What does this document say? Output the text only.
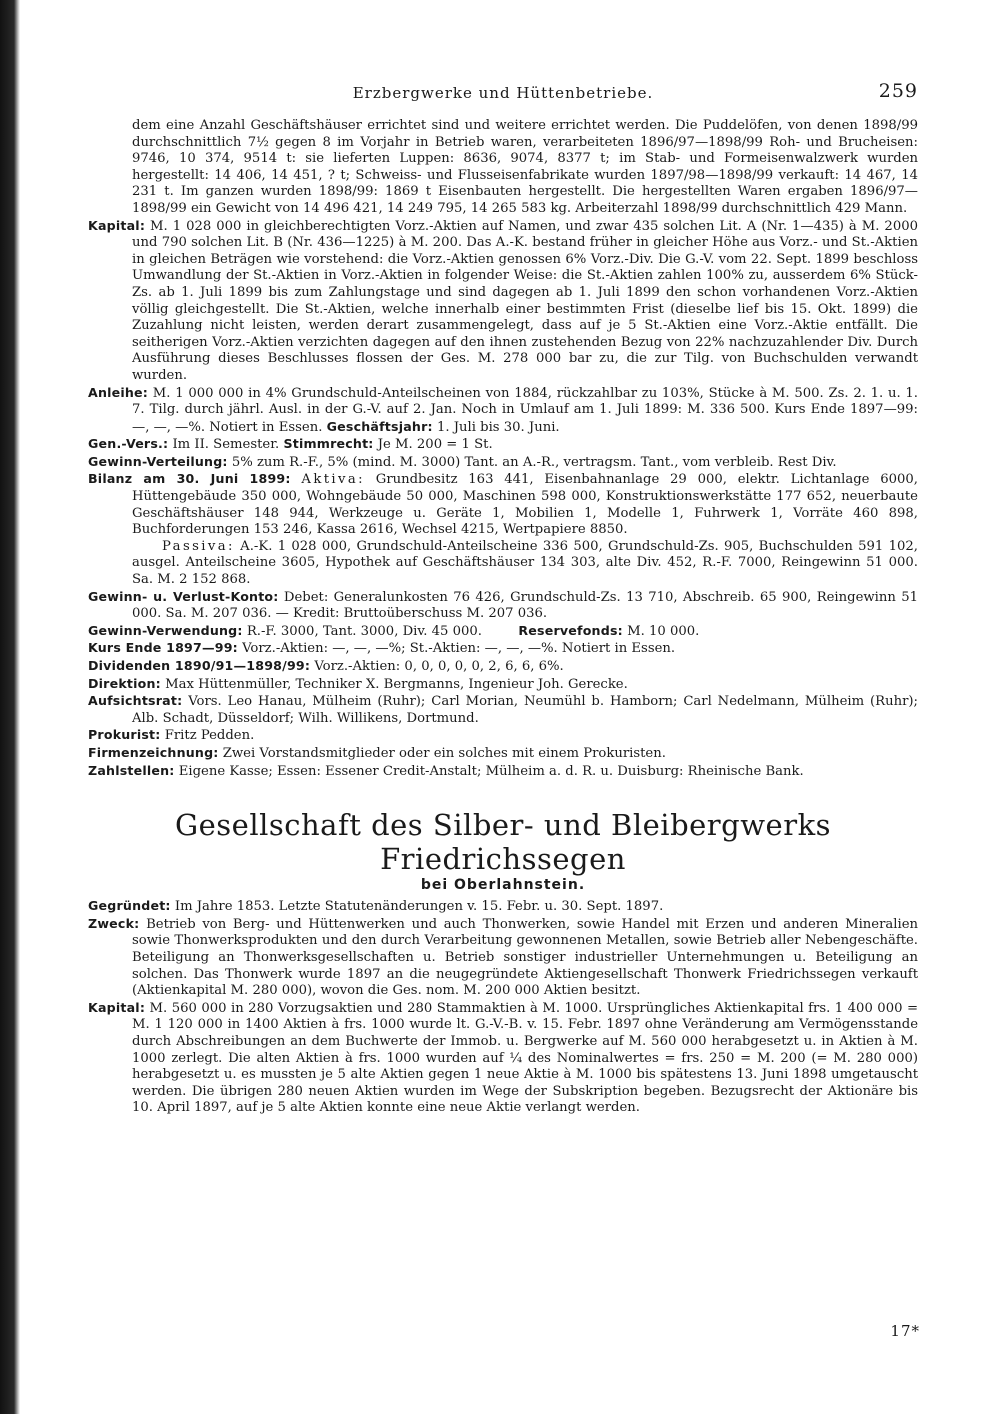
Erzbergwerke und Hüttenbetriebe.	259

dem eine Anzahl Geschäftshäuser errichtet sind und weitere errichtet werden. Die Puddelöfen, von denen 1898/99 durchschnittlich 7½ gegen 8 im Vorjahr in Betrieb waren, verarbeiteten 1896/97—1898/99 Roh- und Brucheisen: 9746, 10 374, 9514 t: sie lieferten Luppen: 8636, 9074, 8377 t; im Stab- und Formeisenwalzwerk wurden hergestellt: 14 406, 14 451, ? t; Schweiss- und Flusseisenfabrikate wurden 1897/98—1898/99 verkauft: 14 467, 14 231 t. Im ganzen wurden 1898/99: 1869 t Eisenbauten hergestellt. Die hergestellten Waren ergaben 1896/97—1898/99 ein Gewicht von 14 496 421, 14 249 795, 14 265 583 kg. Arbeiterzahl 1898/99 durchschnittlich 429 Mann.

Kapital: M. 1 028 000 in gleichberechtigten Vorz.-Aktien auf Namen, und zwar 435 solchen Lit. A (Nr. 1—435) à M. 2000 und 790 solchen Lit. B (Nr. 436—1225) à M. 200. Das A.-K. bestand früher in gleicher Höhe aus Vorz.- und St.-Aktien in gleichen Beträgen wie vorstehend: die Vorz.-Aktien genossen 6% Vorz.-Div. Die G.-V. vom 22. Sept. 1899 beschloss Umwandlung der St.-Aktien in Vorz.-Aktien in folgender Weise: die St.-Aktien zahlen 100% zu, ausserdem 6% Stück-Zs. ab 1. Juli 1899 bis zum Zahlungstage und sind dagegen ab 1. Juli 1899 den schon vorhandenen Vorz.-Aktien völlig gleichgestellt. Die St.-Aktien, welche innerhalb einer bestimmten Frist (dieselbe lief bis 15. Okt. 1899) die Zuzahlung nicht leisten, werden derart zusammengelegt, dass auf je 5 St.-Aktien eine Vorz.-Aktie entfällt. Die seitherigen Vorz.-Aktien verzichten dagegen auf den ihnen zustehenden Bezug von 22% nachzuzahlender Div. Durch Ausführung dieses Beschlusses flossen der Ges. M. 278 000 bar zu, die zur Tilg. von Buchschulden verwandt wurden.

Anleihe: M. 1 000 000 in 4% Grundschuld-Anteilscheinen von 1884, rückzahlbar zu 103%, Stücke à M. 500. Zs. 2. 1. u. 1. 7. Tilg. durch jährl. Ausl. in der G.-V. auf 2. Jan. Noch in Umlauf am 1. Juli 1899: M. 336 500. Kurs Ende 1897—99: —, —, —%. Notiert in Essen. Geschäftsjahr: 1. Juli bis 30. Juni.

Gen.-Vers.: Im II. Semester. Stimmrecht: Je M. 200 = 1 St.

Gewinn-Verteilung: 5% zum R.-F., 5% (mind. M. 3000) Tant. an A.-R., vertragsm. Tant., vom verbleib. Rest Div.

Bilanz am 30. Juni 1899: Aktiva: Grundbesitz 163 441, Eisenbahnanlage 29 000, elektr. Lichtanlage 6000, Hüttengebäude 350 000, Wohngebäude 50 000, Maschinen 598 000, Konstruktionswerkstätte 177 652, neuerbaute Geschäftshäuser 148 944, Werkzeuge u. Geräte 1, Mobilien 1, Modelle 1, Fuhrwerk 1, Vorräte 460 898, Buchforderungen 153 246, Kassa 2616, Wechsel 4215, Wertpapiere 8850.

Passiva: A.-K. 1 028 000, Grundschuld-Anteilscheine 336 500, Grundschuld-Zs. 905, Buchschulden 591 102, ausgel. Anteilscheine 3605, Hypothek auf Geschäftshäuser 134 303, alte Div. 452, R.-F. 7000, Reingewinn 51 000. Sa. M. 2 152 868.

Gewinn- u. Verlust-Konto: Debet: Generalunkosten 76 426, Grundschuld-Zs. 13 710, Abschreib. 65 900, Reingewinn 51 000. Sa. M. 207 036. — Kredit: Bruttoüberschuss M. 207 036.

Gewinn-Verwendung: R.-F. 3000, Tant. 3000, Div. 45 000.	Reservefonds: M. 10 000.

Kurs Ende 1897—99: Vorz.-Aktien: —, —, —%; St.-Aktien: —, —, —%. Notiert in Essen.

Dividenden 1890/91—1898/99: Vorz.-Aktien: 0, 0, 0, 0, 0, 2, 6, 6, 6%.

Direktion: Max Hüttenmüller, Techniker X. Bergmanns, Ingenieur Joh. Gerecke.

Aufsichtsrat: Vors. Leo Hanau, Mülheim (Ruhr); Carl Morian, Neumühl b. Hamborn; Carl Nedelmann, Mülheim (Ruhr); Alb. Schadt, Düsseldorf; Wilh. Willikens, Dortmund.

Prokurist: Fritz Pedden.

Firmenzeichnung: Zwei Vorstandsmitglieder oder ein solches mit einem Prokuristen.

Zahlstellen: Eigene Kasse; Essen: Essener Credit-Anstalt; Mülheim a. d. R. u. Duisburg: Rheinische Bank.

Gesellschaft des Silber- und Bleibergwerks Friedrichssegen
bei Oberlahnstein.

Gegründet: Im Jahre 1853. Letzte Statutenänderungen v. 15. Febr. u. 30. Sept. 1897.

Zweck: Betrieb von Berg- und Hüttenwerken und auch Thonwerken, sowie Handel mit Erzen und anderen Mineralien sowie Thonwerksprodukten und den durch Verarbeitung gewonnenen Metallen, sowie Betrieb aller Nebengeschäfte. Beteiligung an Thonwerksgesellschaften u. Betrieb sonstiger industrieller Unternehmungen u. Beteiligung an solchen. Das Thonwerk wurde 1897 an die neugegründete Aktiengesellschaft Thonwerk Friedrichssegen verkauft (Aktienkapital M. 280 000), wovon die Ges. nom. M. 200 000 Aktien besitzt.

Kapital: M. 560 000 in 280 Vorzugsaktien und 280 Stammaktien à M. 1000. Ursprüngliches Aktienkapital frs. 1 400 000 = M. 1 120 000 in 1400 Aktien à frs. 1000 wurde lt. G.-V.-B. v. 15. Febr. 1897 ohne Veränderung am Vermögensstande durch Abschreibungen an dem Buchwerte der Immob. u. Bergwerke auf M. 560 000 herabgesetzt u. in Aktien à M. 1000 zerlegt. Die alten Aktien à frs. 1000 wurden auf ¼ des Nominalwertes = frs. 250 = M. 200 (= M. 280 000) herabgesetzt u. es mussten je 5 alte Aktien gegen 1 neue Aktie à M. 1000 bis spätestens 13. Juni 1898 umgetauscht werden. Die übrigen 280 neuen Aktien wurden im Wege der Subskription begeben. Bezugsrecht der Aktionäre bis 10. April 1897, auf je 5 alte Aktien konnte eine neue Aktie verlangt werden.

17*
